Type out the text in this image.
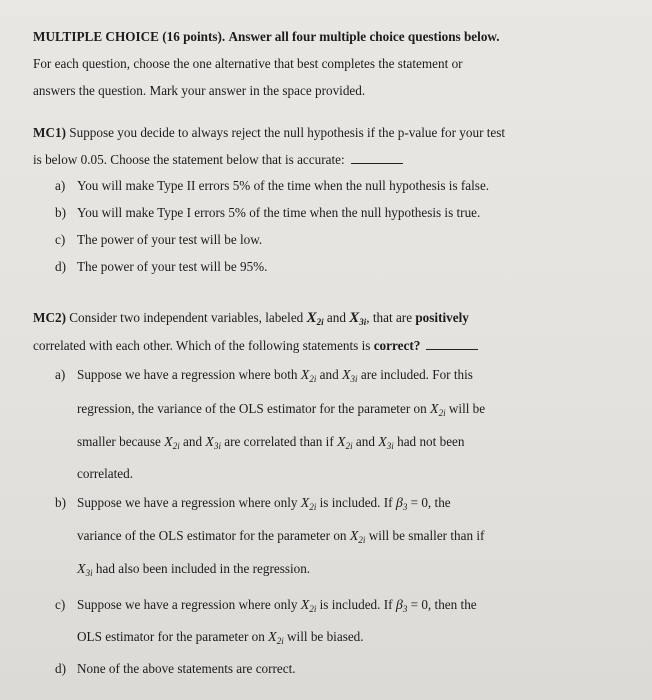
MULTIPLE CHOICE (16 points). Answer all four multiple choice questions below.
For each question, choose the one alternative that best completes the statement or
answers the question. Mark your answer in the space provided.
MC1) Suppose you decide to always reject the null hypothesis if the p-value for your test
is below 0.05. Choose the statement below that is accurate:
a) You will make Type II errors 5% of the time when the null hypothesis is false.
b) You will make Type I errors 5% of the time when the null hypothesis is true.
c) The power of your test will be low.
d) The power of your test will be 95%.
MC2) Consider two independent variables, labeled $X_{2i}$ and $X_{3i}$, that are positively
correlated with each other. Which of the following statements is correct?
a) Suppose we have a regression where both $X_{2i}$ and $X_{3i}$ are included. For this
regression, the variance of the OLS estimator for the parameter on $X_{2i}$ will be
smaller because $X_{2i}$ and $X_{3i}$ are correlated than if $X_{2i}$ and $X_{3i}$ had not been
correlated.
b) Suppose we have a regression where only $X_{2i}$ is included. If $\beta_3 = 0$, the
variance of the OLS estimator for the parameter on $X_{2i}$ will be smaller than if
$X_{3i}$ had also been included in the regression.
c) Suppose we have a regression where only $X_{2i}$ is included. If $\beta_3 = 0$, then the
OLS estimator for the parameter on $X_{2i}$ will be biased.
d) None of the above statements are correct.
